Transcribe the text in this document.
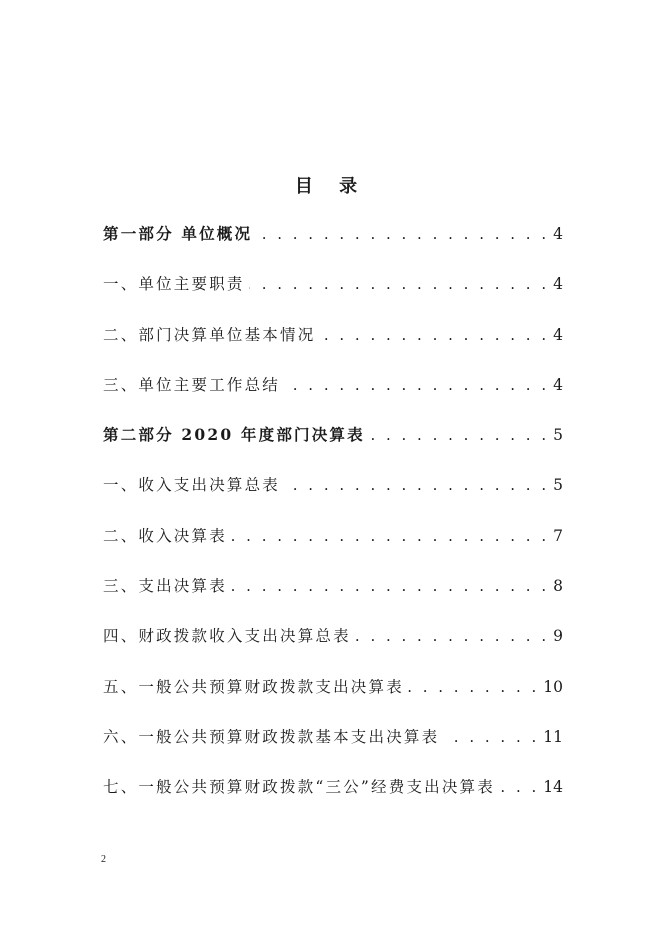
目 录
第一部分 单位概况 . . .	4
一、单位主要职责 . . .	4
二、部门决算单位基本情况 . . .	4
三、单位主要工作总结 . . .	4
第二部分 2020 年度部门决算表 . . .	5
一、收入支出决算总表 . . .	5
二、收入决算表 . . .	7
三、支出决算表 . . .	8
四、财政拨款收入支出决算总表 . . .	9
五、一般公共预算财政拨款支出决算表 . . .	10
六、一般公共预算财政拨款基本支出决算表 . . .	11
七、一般公共预算财政拨款“三公”经费支出决算表 . . .	14
2
